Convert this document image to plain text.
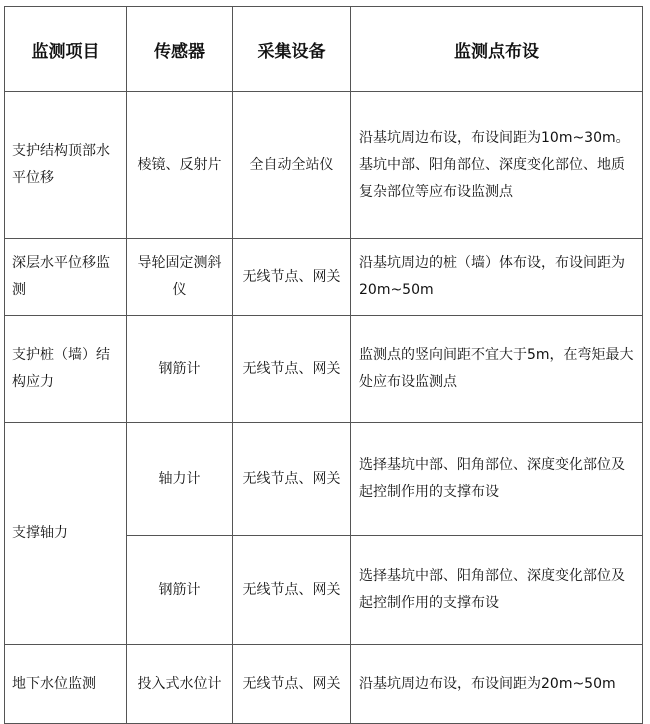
监测项目	传感器	采集设备	监测点布设
支护结构顶部水平位移	棱镜、反射片	全自动全站仪	沿基坑周边布设，布设间距为10m~30m。基坑中部、阳角部位、深度变化部位、地质复杂部位等应布设监测点
深层水平位移监测	导轮固定测斜仪	无线节点、网关	沿基坑周边的桩（墙）体布设，布设间距为20m~50m
支护桩（墙）结构应力	钢筋计	无线节点、网关	监测点的竖向间距不宜大于5m，在弯矩最大处应布设监测点
支撑轴力	轴力计	无线节点、网关	选择基坑中部、阳角部位、深度变化部位及起控制作用的支撑布设
	钢筋计	无线节点、网关	选择基坑中部、阳角部位、深度变化部位及起控制作用的支撑布设
地下水位监测	投入式水位计	无线节点、网关	沿基坑周边布设，布设间距为20m~50m
